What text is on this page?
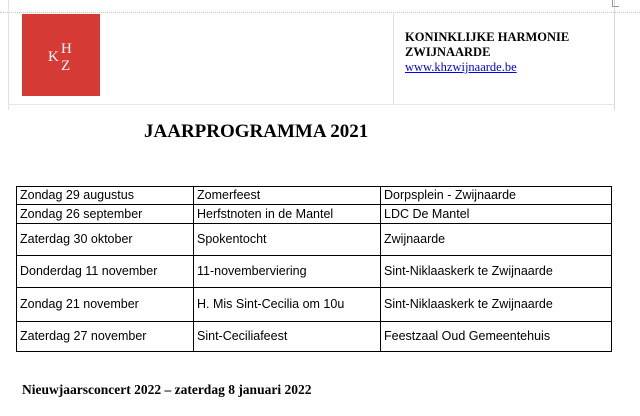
K H
Z
KONINKLIJKE HARMONIE
ZWIJNAARDE
www.khzwijnaarde.be
JAARPROGRAMMA 2021
Zondag 29 augustus	Zomerfeest	Dorpsplein - Zwijnaarde
Zondag 26 september	Herfstnoten in de Mantel	LDC De Mantel
Zaterdag 30 oktober	Spokentocht	Zwijnaarde
Donderdag 11 november	11-novemberviering	Sint-Niklaaskerk te Zwijnaarde
Zondag 21 november	H. Mis Sint-Cecilia om 10u	Sint-Niklaaskerk te Zwijnaarde
Zaterdag 27 november	Sint-Ceciliafeest	Feestzaal Oud Gemeentehuis
Nieuwjaarsconcert 2022 – zaterdag 8 januari 2022
